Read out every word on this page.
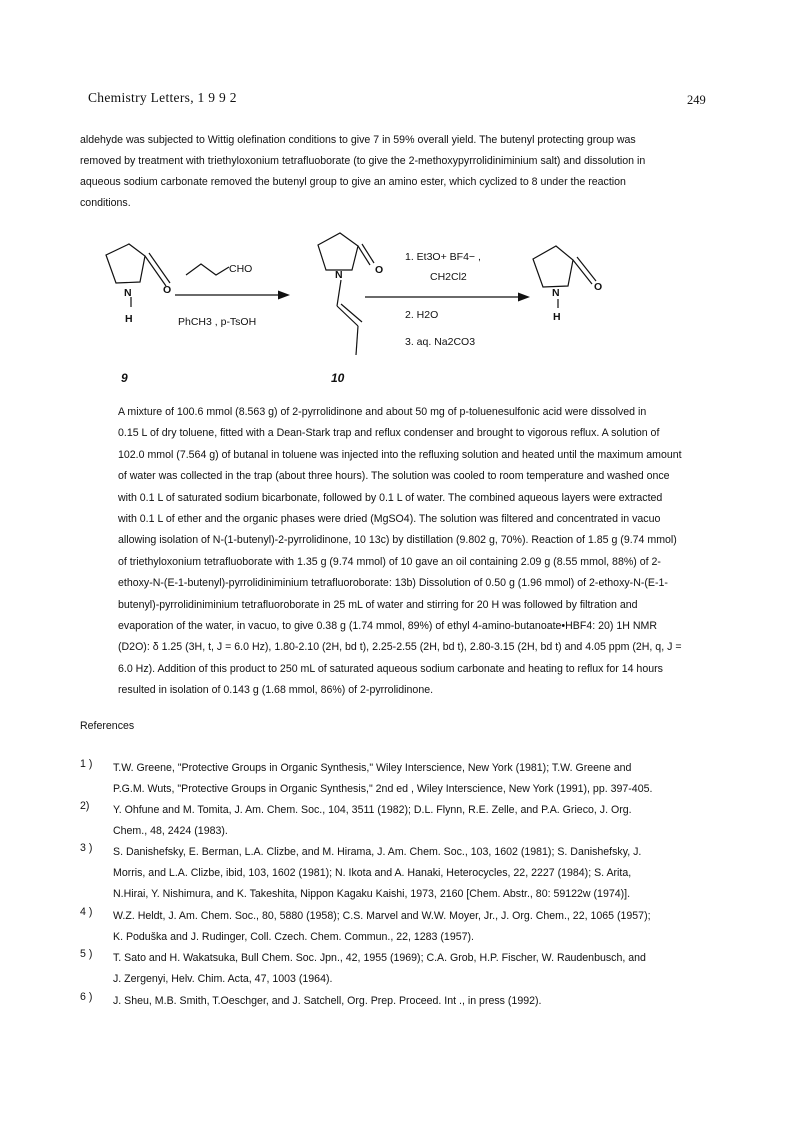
Chemistry Letters, 1 9 9 2	249
aldehyde was subjected to Wittig olefination conditions to give 7 in 59% overall yield. The butenyl protecting group was
removed by treatment with triethyloxonium tetrafluoborate (to give the 2-methoxypyrrolidiniminium salt) and dissolution in
aqueous sodium carbonate removed the butenyl group to give an amino ester, which cyclized to 8 under the reaction
conditions.
N	O
H
CHO
PhCH3 , p-TsOH
N	O
1. Et3O+ BF4− ,
CH2Cl2
2. H2O
3. aq. Na2CO3
N	O
H
9	10
A mixture of 100.6 mmol (8.563 g) of 2-pyrrolidinone and about 50 mg of p-toluenesulfonic acid were dissolved in
0.15 L of dry toluene, fitted with a Dean-Stark trap and reflux condenser and brought to vigorous reflux. A solution of
102.0 mmol (7.564 g) of butanal in toluene was injected into the refluxing solution and heated until the maximum amount
of water was collected in the trap (about three hours). The solution was cooled to room temperature and washed once
with 0.1 L of saturated sodium bicarbonate, followed by 0.1 L of water. The combined aqueous layers were extracted
with 0.1 L of ether and the organic phases were dried (MgSO4). The solution was filtered and concentrated in vacuo
allowing isolation of N-(1-butenyl)-2-pyrrolidinone, 10 13c) by distillation (9.802 g, 70%). Reaction of 1.85 g (9.74 mmol)
of triethyloxonium tetrafluoborate with 1.35 g (9.74 mmol) of 10 gave an oil containing 2.09 g (8.55 mmol, 88%) of 2-
ethoxy-N-(E-1-butenyl)-pyrrolidiniminium tetrafluoroborate: 13b) Dissolution of 0.50 g (1.96 mmol) of 2-ethoxy-N-(E-1-
butenyl)-pyrrolidiniminium tetrafluoroborate in 25 mL of water and stirring for 20 H was followed by filtration and
evaporation of the water, in vacuo, to give 0.38 g (1.74 mmol, 89%) of ethyl 4-amino-butanoate•HBF4: 20) 1H NMR
(D2O): δ 1.25 (3H, t, J = 6.0 Hz), 1.80-2.10 (2H, bd t), 2.25-2.55 (2H, bd t), 2.80-3.15 (2H, bd t) and 4.05 ppm (2H, q, J =
6.0 Hz). Addition of this product to 250 mL of saturated aqueous sodium carbonate and heating to reflux for 14 hours
resulted in isolation of 0.143 g (1.68 mmol, 86%) of 2-pyrrolidinone.
References
1 )	T.W. Greene, "Protective Groups in Organic Synthesis," Wiley Interscience, New York (1981); T.W. Greene and
P.G.M. Wuts, "Protective Groups in Organic Synthesis," 2nd ed , Wiley Interscience, New York (1991), pp. 397-405.
2)	Y. Ohfune and M. Tomita, J. Am. Chem. Soc., 104, 3511 (1982); D.L. Flynn, R.E. Zelle, and P.A. Grieco, J. Org.
Chem., 48, 2424 (1983).
3 )	S. Danishefsky, E. Berman, L.A. Clizbe, and M. Hirama, J. Am. Chem. Soc., 103, 1602 (1981); S. Danishefsky, J.
Morris, and L.A. Clizbe, ibid, 103, 1602 (1981); N. Ikota and A. Hanaki, Heterocycles, 22, 2227 (1984); S. Arita,
N.Hirai, Y. Nishimura, and K. Takeshita, Nippon Kagaku Kaishi, 1973, 2160 [Chem. Abstr., 80: 59122w (1974)].
4 )	W.Z. Heldt, J. Am. Chem. Soc., 80, 5880 (1958); C.S. Marvel and W.W. Moyer, Jr., J. Org. Chem., 22, 1065 (1957);
K. Poduška and J. Rudinger, Coll. Czech. Chem. Commun., 22, 1283 (1957).
5 )	T. Sato and H. Wakatsuka, Bull Chem. Soc. Jpn., 42, 1955 (1969); C.A. Grob, H.P. Fischer, W. Raudenbusch, and
J. Zergenyi, Helv. Chim. Acta, 47, 1003 (1964).
6 )	J. Sheu, M.B. Smith, T.Oeschger, and J. Satchell, Org. Prep. Proceed. Int ., in press (1992).
